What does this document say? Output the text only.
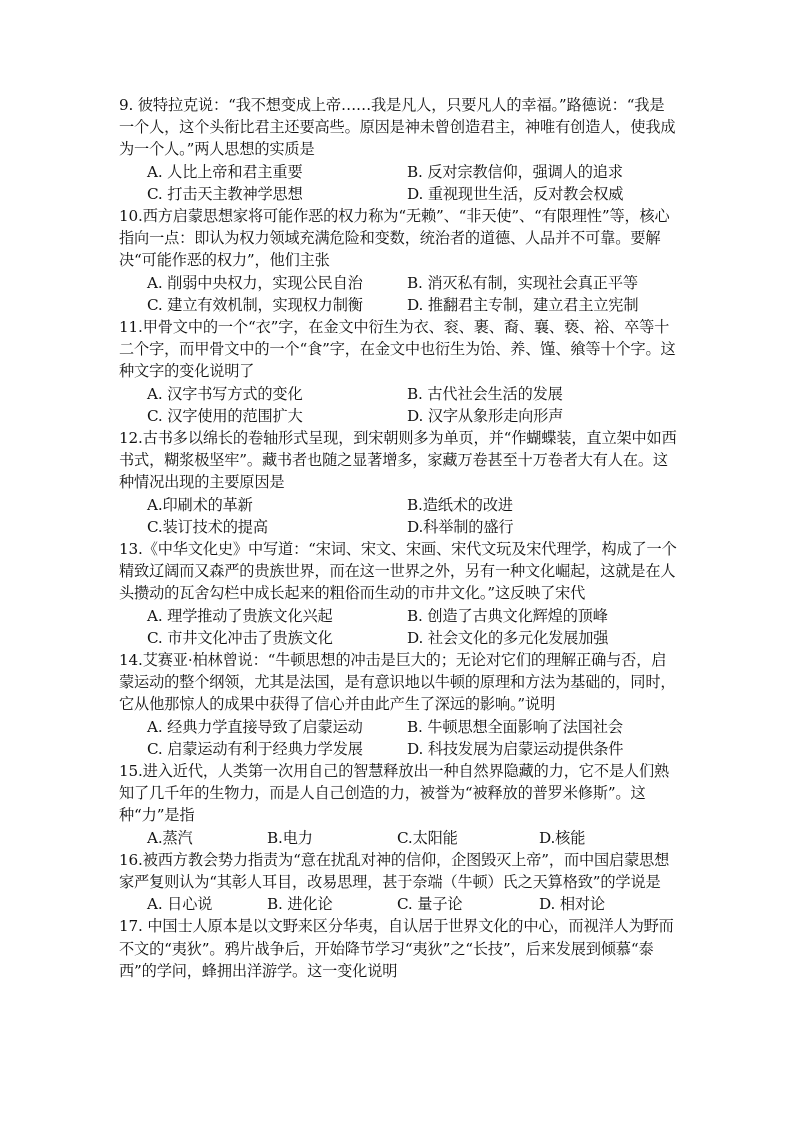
9. 彼特拉克说：“我不想变成上帝……我是凡人，只要凡人的幸福。”路德说：“我是一个人，这个头衔比君主还要高些。原因是神未曾创造君主，神唯有创造人，使我成为一个人。”两人思想的实质是

A. 人比上帝和君主重要	B. 反对宗教信仰，强调人的追求
C. 打击天主教神学思想	D. 重视现世生活，反对教会权威

10.西方启蒙思想家将可能作恶的权力称为“无赖”、“非天使”、“有限理性”等，核心指向一点：即认为权力领域充满危险和变数，统治者的道德、人品并不可靠。要解决“可能作恶的权力”，他们主张

A. 削弱中央权力，实现公民自治	B. 消灭私有制，实现社会真正平等
C. 建立有效机制，实现权力制衡	D. 推翻君主专制，建立君主立宪制

11.甲骨文中的一个“衣”字，在金文中衍生为衣、衮、裹、裔、襄、亵、裕、卒等十二个字，而甲骨文中的一个“食”字，在金文中也衍生为饴、养、馑、飨等十个字。这种文字的变化说明了

A. 汉字书写方式的变化	B. 古代社会生活的发展
C. 汉字使用的范围扩大	D. 汉字从象形走向形声

12.古书多以绵长的卷轴形式呈现，到宋朝则多为单页，并“作蝴蝶装，直立架中如西书式，糊浆极坚牢”。藏书者也随之显著增多，家藏万卷甚至十万卷者大有人在。这种情况出现的主要原因是

A.印刷术的革新	B.造纸术的改进
C.装订技术的提高	D.科举制的盛行

13.《中华文化史》中写道：“宋词、宋文、宋画、宋代文玩及宋代理学，构成了一个精致辽阔而又森严的贵族世界，而在这一世界之外，另有一种文化崛起，这就是在人头攒动的瓦舍勾栏中成长起来的粗俗而生动的市井文化。”这反映了宋代

A. 理学推动了贵族文化兴起	B. 创造了古典文化辉煌的顶峰
C. 市井文化冲击了贵族文化	D. 社会文化的多元化发展加强

14.艾赛亚·柏林曾说：“牛顿思想的冲击是巨大的；无论对它们的理解正确与否，启蒙运动的整个纲领，尤其是法国，是有意识地以牛顿的原理和方法为基础的，同时，它从他那惊人的成果中获得了信心并由此产生了深远的影响。”说明

A. 经典力学直接导致了启蒙运动	B. 牛顿思想全面影响了法国社会
C. 启蒙运动有利于经典力学发展	D. 科技发展为启蒙运动提供条件

15.进入近代，人类第一次用自己的智慧释放出一种自然界隐藏的力，它不是人们熟知了几千年的生物力，而是人自己创造的力，被誉为“被释放的普罗米修斯”。这种“力”是指

A.蒸汽	B.电力	C.太阳能	D.核能

16.被西方教会势力指责为“意在扰乱对神的信仰，企图毁灭上帝”，而中国启蒙思想家严复则认为“其彰人耳目，改易思理，甚于奈端（牛顿）氏之天算格致”的学说是

A. 日心说	B. 进化论	C. 量子论	D. 相对论

17. 中国士人原本是以文野来区分华夷，自认居于世界文化的中心，而视洋人为野而不文的“夷狄”。鸦片战争后，开始降节学习“夷狄”之“长技”，后来发展到倾慕“泰西”的学问，蜂拥出洋游学。这一变化说明
